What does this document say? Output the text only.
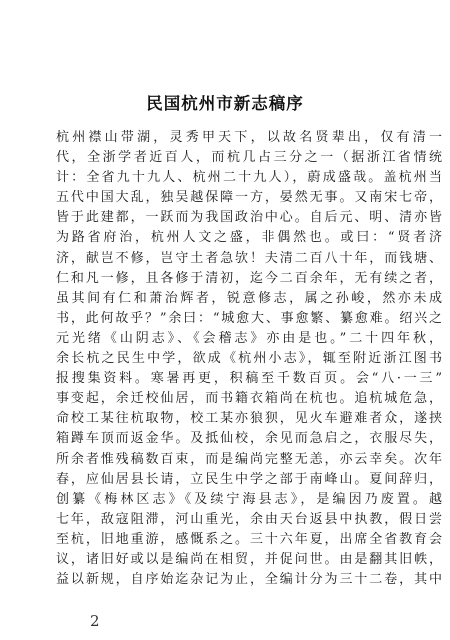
民国杭州市新志稿序
杭州襟山带湖，灵秀甲天下，以故名贤辈出，仅有清一
代，全浙学者近百人，而杭几占三分之一（据浙江省情统
计：全省九十九人、杭州二十九人），蔚成盛哉。盖杭州当
五代中国大乱，独吴越保障一方，晏然无事。又南宋七帝，
皆于此建都，一跃而为我国政治中心。自后元、明、清亦皆
为路省府治，杭州人文之盛，非偶然也。或曰：“贤者济
济，献岂不修，岂守土者急欤！夫清二百八十年，而钱塘、
仁和凡一修，且各修于清初，迄今二百余年，无有续之者，
虽其间有仁和萧治辉者，锐意修志，属之孙峻，然亦未成
书，此何故乎？”余曰：“城愈大、事愈繁、纂愈难。绍兴之
元光绪《山阴志》、《会稽志》亦由是也。”二十四年秋，
余长杭之民生中学，欲成《杭州小志》，辄至附近浙江图书
报搜集资料。寒暑再更，积稿至千数百页。会“八·一三”
事变起，余迁校仙居，而书籍衣箱尚在杭也。追杭城危急，
命校工某往杭取物，校工某亦狼狈，见火车避难者众，遂挟
箱蹲车顶而返金华。及抵仙校，余见而急启之，衣服尽失，
所余者惟残稿数百束，而是编尚完整无恙，亦云幸矣。次年
春，应仙居县长请，立民生中学之部于南峰山。夏间辞归，
创纂《梅林区志》《及续宁海县志》，是编因乃废置。越
七年，敌寇阻滞，河山重光，余由天台返县中执教，假日尝
至杭，旧地重游，感慨系之。三十六年夏，出席全省教育会
议，诸旧好或以是编尚在相贸，并促问世。由是翻其旧帙，
益以新规，自序始迄杂记为止，全编计分为三十二卷，其中
2
